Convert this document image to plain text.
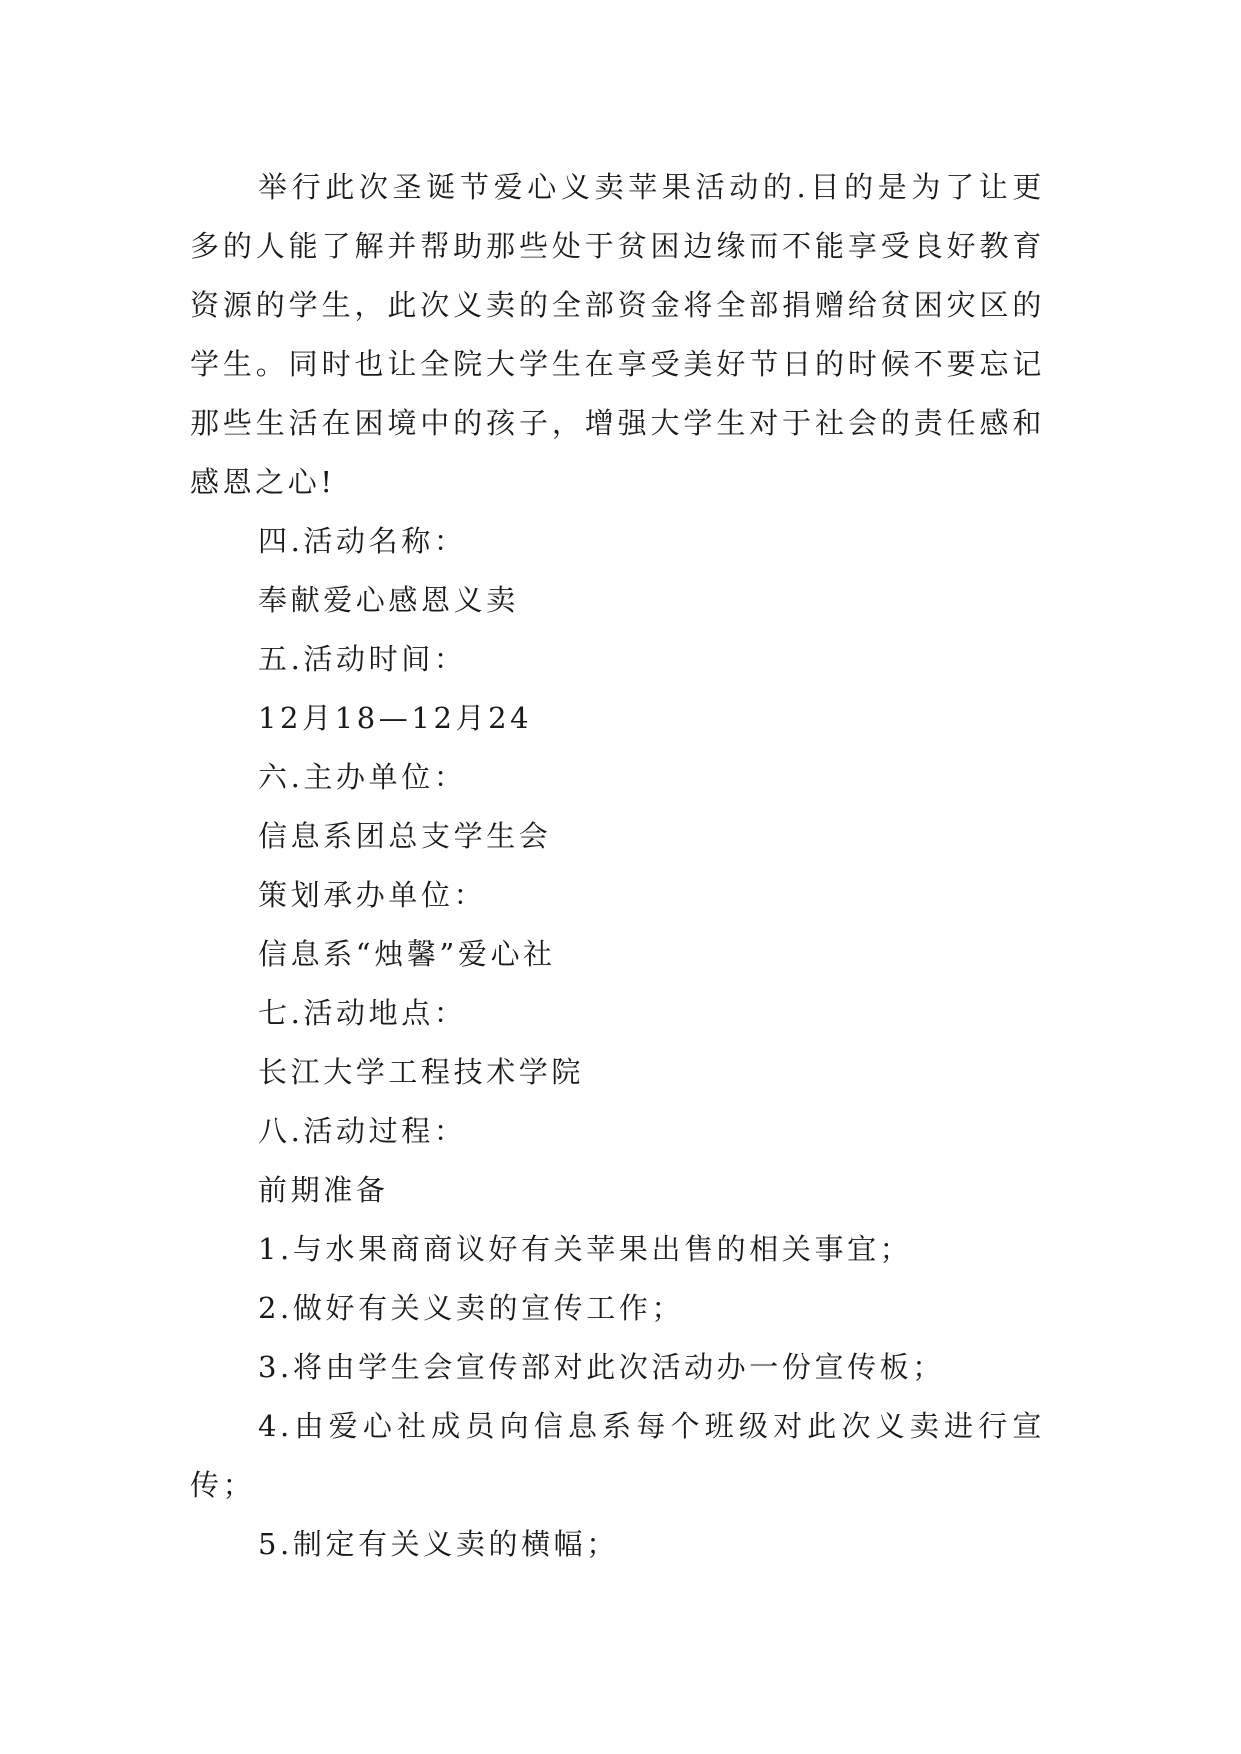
举行此次圣诞节爱心义卖苹果活动的.目的是为了让更多的人能了解并帮助那些处于贫困边缘而不能享受良好教育资源的学生，此次义卖的全部资金将全部捐赠给贫困灾区的学生。同时也让全院大学生在享受美好节日的时候不要忘记那些生活在困境中的孩子，增强大学生对于社会的责任感和感恩之心!

四.活动名称：

奉献爱心感恩义卖

五.活动时间：

12月18—12月24

六.主办单位：

信息系团总支学生会

策划承办单位：

信息系“烛馨”爱心社

七.活动地点：

长江大学工程技术学院

八.活动过程：

前期准备

1.与水果商商议好有关苹果出售的相关事宜；

2.做好有关义卖的宣传工作；

3.将由学生会宣传部对此次活动办一份宣传板；

4.由爱心社成员向信息系每个班级对此次义卖进行宣传；

5.制定有关义卖的横幅；
